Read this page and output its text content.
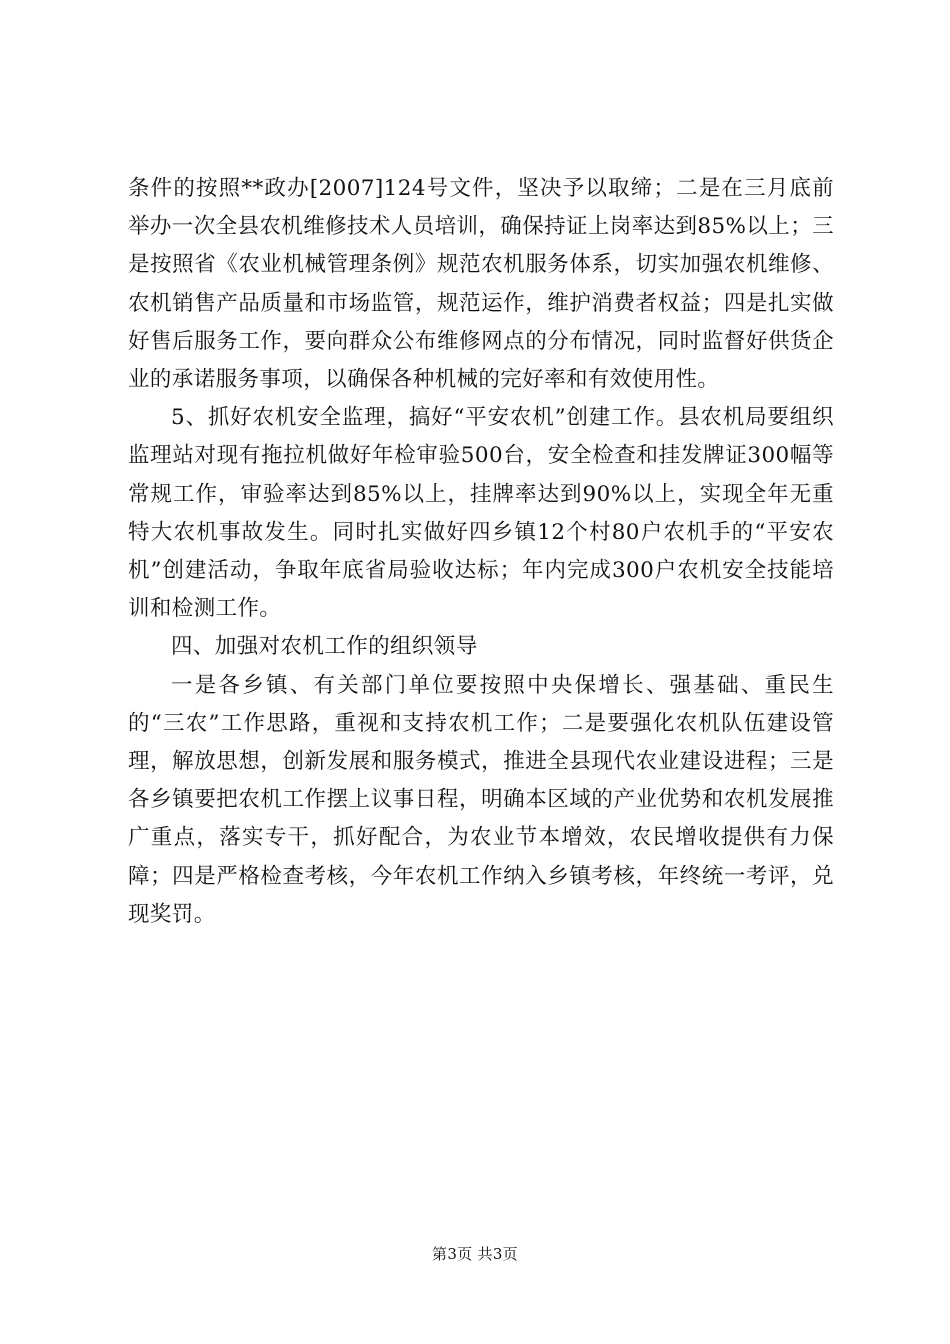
条件的按照**政办[2007]124号文件，坚决予以取缔；二是在三月底前举办一次全县农机维修技术人员培训，确保持证上岗率达到85%以上；三是按照省《农业机械管理条例》规范农机服务体系，切实加强农机维修、农机销售产品质量和市场监管，规范运作，维护消费者权益；四是扎实做好售后服务工作，要向群众公布维修网点的分布情况，同时监督好供货企业的承诺服务事项，以确保各种机械的完好率和有效使用性。

5、抓好农机安全监理，搞好“平安农机”创建工作。县农机局要组织监理站对现有拖拉机做好年检审验500台，安全检查和挂发牌证300幅等常规工作，审验率达到85%以上，挂牌率达到90%以上，实现全年无重特大农机事故发生。同时扎实做好四乡镇12个村80户农机手的“平安农机”创建活动，争取年底省局验收达标；年内完成300户农机安全技能培训和检测工作。

四、加强对农机工作的组织领导

一是各乡镇、有关部门单位要按照中央保增长、强基础、重民生的“三农”工作思路，重视和支持农机工作；二是要强化农机队伍建设管理，解放思想，创新发展和服务模式，推进全县现代农业建设进程；三是各乡镇要把农机工作摆上议事日程，明确本区域的产业优势和农机发展推广重点，落实专干，抓好配合，为农业节本增效，农民增收提供有力保障；四是严格检查考核，今年农机工作纳入乡镇考核，年终统一考评，兑现奖罚。

第3页 共3页
